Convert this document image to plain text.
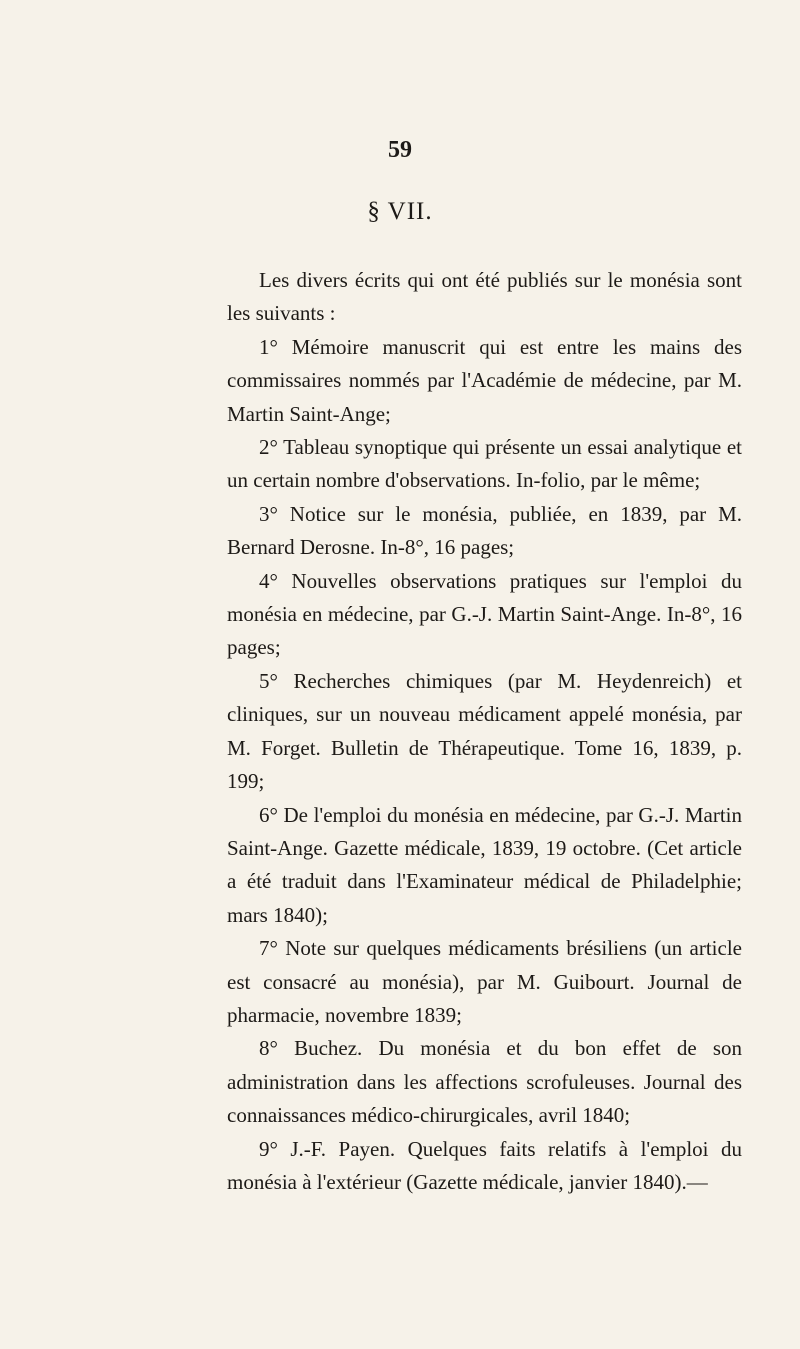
59
§ VII.

Les divers écrits qui ont été publiés sur le monésia sont les suivants :

1° Mémoire manuscrit qui est entre les mains des commissaires nommés par l'Académie de médecine, par M. Martin Saint-Ange;

2° Tableau synoptique qui présente un essai analytique et un certain nombre d'observations. In-folio, par le même;

3° Notice sur le monésia, publiée, en 1839, par M. Bernard Derosne. In-8°, 16 pages;

4° Nouvelles observations pratiques sur l'emploi du monésia en médecine, par G.-J. Martin Saint-Ange. In-8°, 16 pages;

5° Recherches chimiques (par M. Heydenreich) et cliniques, sur un nouveau médicament appelé monésia, par M. Forget. Bulletin de Thérapeutique. Tome 16, 1839, p. 199;

6° De l'emploi du monésia en médecine, par G.-J. Martin Saint-Ange. Gazette médicale, 1839, 19 octobre. (Cet article a été traduit dans l'Examinateur médical de Philadelphie; mars 1840);

7° Note sur quelques médicaments brésiliens (un article est consacré au monésia), par M. Guibourt. Journal de pharmacie, novembre 1839;

8° Buchez. Du monésia et du bon effet de son administration dans les affections scrofuleuses. Journal des connaissances médico-chirurgicales, avril 1840;

9° J.-F. Payen. Quelques faits relatifs à l'emploi du monésia à l'extérieur (Gazette médicale, janvier 1840).—
